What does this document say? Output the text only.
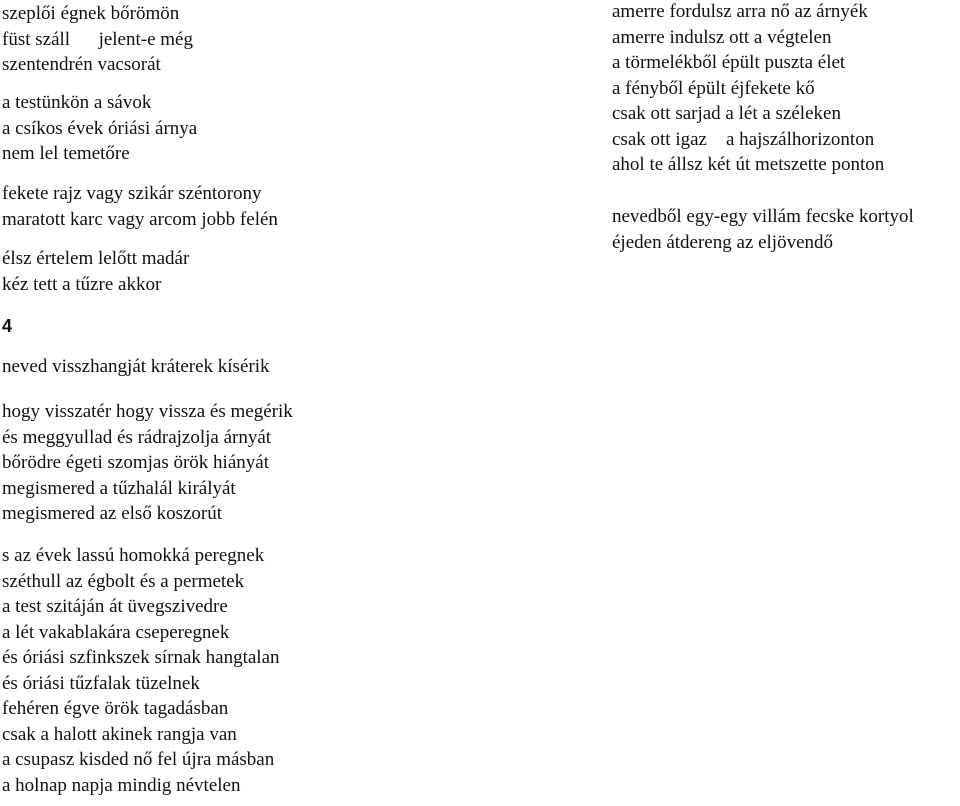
szeplői égnek bőrömön

füst száll      jelent-e még

szentendrén vacsorát

a testünkön a sávok

a csíkos évek óriási árnya

nem lel temetőre

fekete rajz vagy szikár széntorony

maratott karc vagy arcom jobb felén

élsz értelem lelőtt madár

kéz tett a tűzre akkor

4

neved visszhangját kráterek kísérik

hogy visszatér hogy vissza és megérik

és meggyullad és rádrajzolja árnyát

bőrödre égeti szomjas örök hiányát

megismered a tűzhalál királyát

megismered az első koszorút

s az évek lassú homokká peregnek

széthull az égbolt és a permetek

a test szitáján át üvegszivedre

a lét vakablakára cseperegnek

és óriási szfinkszek sírnak hangtalan

és óriási tűzfalak tüzelnek

fehéren égve örök tagadásban

csak a halott akinek rangja van

a csupasz kisded nő fel újra másban

a holnap napja mindig névtelen

amerre fordulsz arra nő az árnyék

amerre indulsz ott a végtelen

a törmelékből épült puszta élet

a fényből épült éjfekete kő

csak ott sarjad a lét a széleken

csak ott igaz    a hajszálhorizonton

ahol te állsz két út metszette ponton

nevedből egy-egy villám fecske kortyol

éjeden átdereng az eljövendő
